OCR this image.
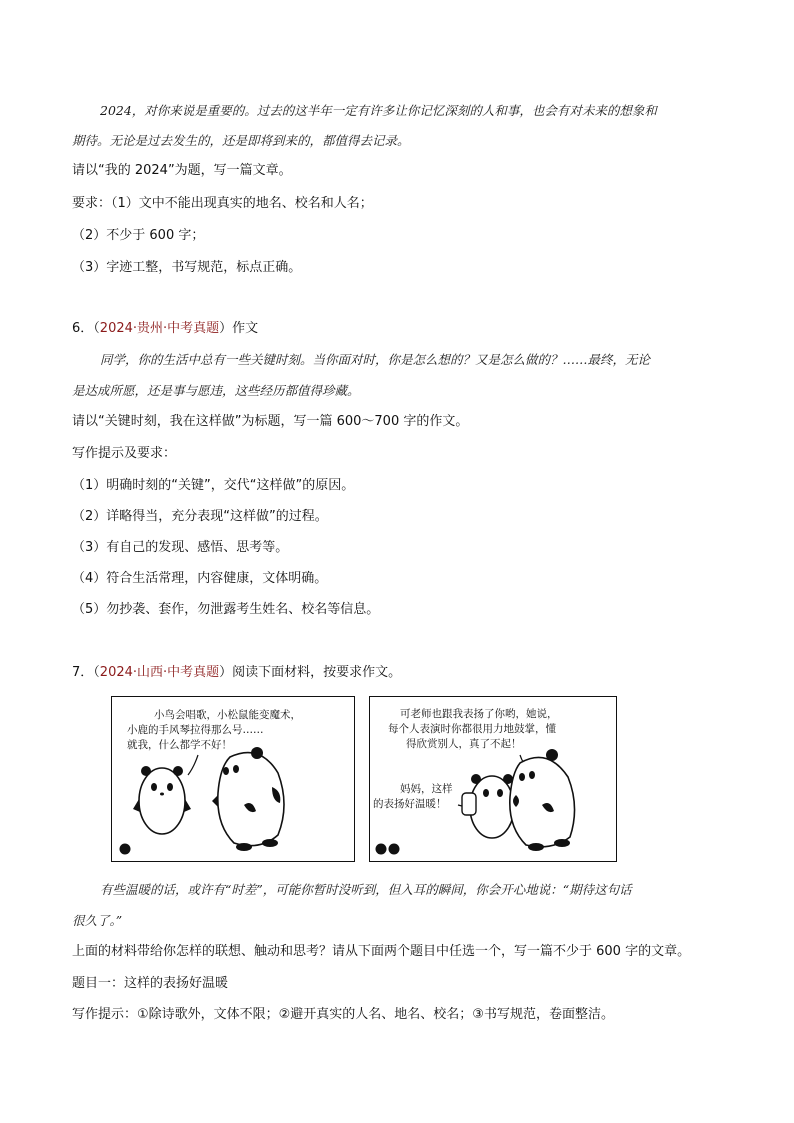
2024，对你来说是重要的。过去的这半年一定有许多让你记忆深刻的人和事，也会有对未来的想象和
期待。无论是过去发生的，还是即将到来的，都值得去记录。
请以“我的 2024”为题，写一篇文章。
要求：（1）文中不能出现真实的地名、校名和人名；
（2）不少于 600 字；
（3）字迹工整，书写规范，标点正确。
6．（2024·贵州·中考真题）作文
同学，你的生活中总有一些关键时刻。当你面对时，你是怎么想的？又是怎么做的？……最终，无论
是达成所愿，还是事与愿违，这些经历都值得珍藏。
请以“关键时刻，我在这样做”为标题，写一篇 600～700 字的作文。
写作提示及要求：
（1）明确时刻的“关键”，交代“这样做”的原因。
（2）详略得当，充分表现“这样做”的过程。
（3）有自己的发现、感悟、思考等。
（4）符合生活常理，内容健康，文体明确。
（5）勿抄袭、套作，勿泄露考生姓名、校名等信息。
7．（2024·山西·中考真题）阅读下面材料，按要求作文。
小鸟会唱歌，小松鼠能变魔术，
小鹿的手风琴拉得那么号……
就我，什么都学不好！
可老师也跟我表扬了你哟，她说，
每个人表演时你都很用力地鼓掌，懂
得欣赏别人，真了不起！
妈妈，这样
的表扬好温暖！
有些温暖的话，或许有“时差”，可能你暂时没听到，但入耳的瞬间，你会开心地说：“期待这句话
很久了。”
上面的材料带给你怎样的联想、触动和思考？请从下面两个题目中任选一个，写一篇不少于 600 字的文章。
题目一：这样的表扬好温暖
写作提示：①除诗歌外，文体不限；②避开真实的人名、地名、校名；③书写规范，卷面整洁。
